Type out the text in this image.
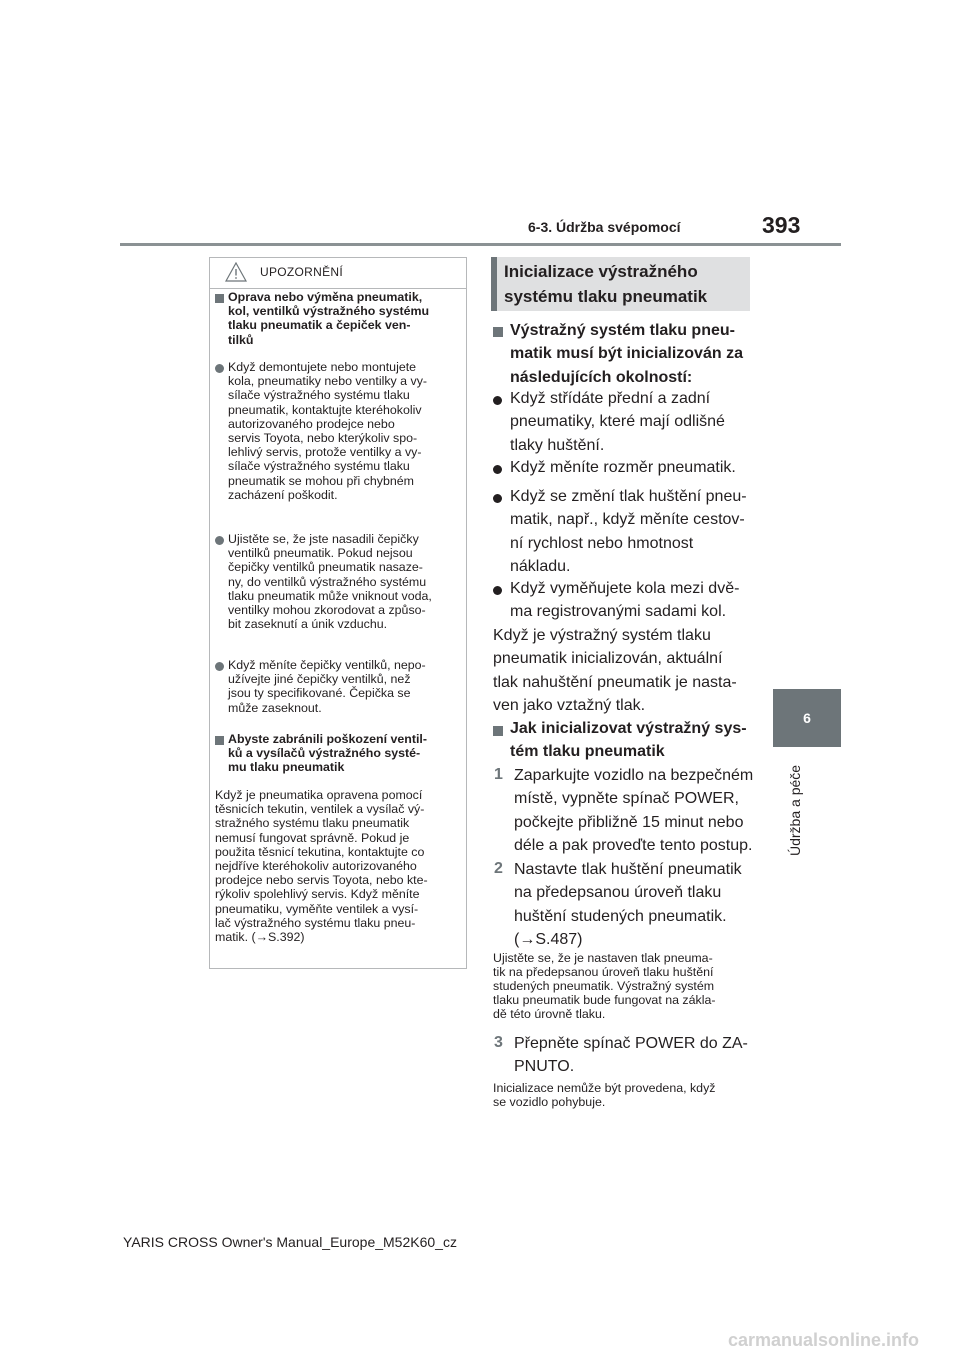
6-3. Údržba svépomocí	393
6
Údržba a péče
UPOZORNĚNÍ
Oprava nebo výměna pneumatik,
kol, ventilků výstražného systému
tlaku pneumatik a čepiček ven-
tilků
Když demontujete nebo montujete
kola, pneumatiky nebo ventilky a vy-
sílače výstražného systému tlaku
pneumatik, kontaktujte kteréhokoliv
autorizovaného prodejce nebo
servis Toyota, nebo kterýkoliv spo-
lehlivý servis, protože ventilky a vy-
sílače výstražného systému tlaku
pneumatik se mohou při chybném
zacházení poškodit.
Ujistěte se, že jste nasadili čepičky
ventilků pneumatik. Pokud nejsou
čepičky ventilků pneumatik nasaze-
ny, do ventilků výstražného systému
tlaku pneumatik může vniknout voda,
ventilky mohou zkorodovat a způso-
bit zaseknutí a únik vzduchu.
Když měníte čepičky ventilků, nepo-
užívejte jiné čepičky ventilků, než
jsou ty specifikované. Čepička se
může zaseknout.
Abyste zabránili poškození ventil-
ků a vysílačů výstražného systé-
mu tlaku pneumatik
Když je pneumatika opravena pomocí
těsnicích tekutin, ventilek a vysílač vý-
stražného systému tlaku pneumatik
nemusí fungovat správně. Pokud je
použita těsnicí tekutina, kontaktujte co
nejdříve kteréhokoliv autorizovaného
prodejce nebo servis Toyota, nebo kte-
rýkoliv spolehlivý servis. Když měníte
pneumatiku, vyměňte ventilek a vysí-
lač výstražného systému tlaku pneu-
matik. (→S.392)
Inicializace výstražného
systému tlaku pneumatik
Výstražný systém tlaku pneu-
matik musí být inicializován za
následujících okolností:
Když střídáte přední a zadní
pneumatiky, které mají odlišné
tlaky huštění.
Když měníte rozměr pneumatik.
Když se změní tlak huštění pneu-
matik, např., když měníte cestov-
ní rychlost nebo hmotnost
nákladu.
Když vyměňujete kola mezi dvě-
ma registrovanými sadami kol.
Když je výstražný systém tlaku
pneumatik inicializován, aktuální
tlak nahuštění pneumatik je nasta-
ven jako vztažný tlak.
Jak inicializovat výstražný sys-
tém tlaku pneumatik
1 Zaparkujte vozidlo na bezpečném
místě, vypněte spínač POWER,
počkejte přibližně 15 minut nebo
déle a pak proveďte tento postup.
2 Nastavte tlak huštění pneumatik
na předepsanou úroveň tlaku
huštění studených pneumatik.
(→S.487)
Ujistěte se, že je nastaven tlak pneuma-
tik na předepsanou úroveň tlaku huštění
studených pneumatik. Výstražný systém
tlaku pneumatik bude fungovat na zákla-
dě této úrovně tlaku.
3 Přepněte spínač POWER do ZA-
PNUTO.
Inicializace nemůže být provedena, když
se vozidlo pohybuje.
YARIS CROSS Owner's Manual_Europe_M52K60_cz
carmanualsonline.info
